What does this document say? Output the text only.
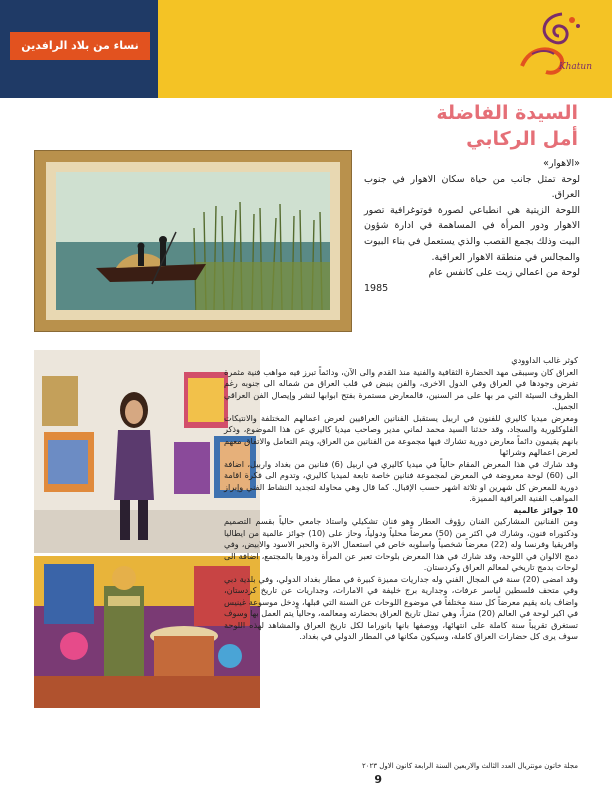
نساء من بلاد الرافدين
Khatun
السيدة الفاضلة
أمل الركابي

«الاهوار»

لوحة تمثل جانب من حياة سكان الاهوار في جنوب العراق.

اللوحة الزيتية هي انطباعي لصورة فوتوغرافية تصور الاهوار ودور المرأة في المساهمة في ادارة شؤون البيت وذلك بجمع القصب والذي يستعمل في بناء البيوت والمجالس في منطقة الاهوار العراقية.

لوحة من اعمالي زيت على كانفس عام

1985

كوثر غالب الداوودي

العراق كان وسيبقى مهد الحضارة الثقافية والفنية منذ القدم والى الآن، ودائماً تبرز فيه مواهب فنية مثمرة تفرض وجودها في العراق وفي الدول الاخرى، والفن ينبض في قلب العراق من شماله الى جنوبه رغم الظروف السيئة التي مر بها على مر السنين، فالمعارض مستمرة بفتح ابوابها لنشر وإيصال الفن العراقي الجميل.

ومعرض ميديا كاليري للفنون في اربيل يستقبل الفنانين العراقيين لعرض اعمالهم المختلفة والانتيكات الفلوكلورية والسجاد، وقد حدثنا السيد محمد لماني مدير وصاحب ميديا كاليري عن هذا الموضوع، وذكر بانهم يقيمون دائماً معارض دورية تشارك فيها مجموعة من الفنانين من العراق، ويتم التعامل والاتفاق معهم لعرض اعمالهم وشرائها

وقد شارك في هذا المعرض المقام حالياً في ميديا كاليري في اربيل (6) فنانين من بغداد واربيل، اضافة الى (60) لوحة معروضة في المعرض لمجموعة فنانين خاصة تابعة لميديا كاليري، وتدوم الى فكرة اقامة دورية للمعرض كل شهرين او ثلاثة اشهر حسب الإقبال. كما قال وهي محاولة لتجديد النشاط الفني وإبراز المواهب الفنية العراقية المميزة.

10 جوائز عالمية

ومن الفنانين المشاركين الفنان رؤوف العطار وهو فنان تشكيلي واستاذ جامعي حالياً بقسم التصميم ودكتوراه فنون، وشارك في اكثر من (50) معرضاً محلياً ودولياً، وحاز على (10) جوائز عالمية من ايطاليا وافريقيا وفرنسا وله (22) معرضاً شخصياً واسلوبه خاص في استعمال الابرة والحبر الاسود والابيض، وفي دمج الالوان في اللوحة، وقد شارك في هذا المعرض بلوحات تعبر عن المرأة ودورها بالمجتمع، اضافة الى لوحات بدمج تاريخي لمعالم العراق وكردستان.

وقد امضى (20) سنة في المجال الفني وله جداريات مميزة كبيرة في مطار بغداد الدولي، وفي بلدية دبي وفي متحف فلسطين لياسر عرفات، وجدارية برج خليفة في الامارات، وجداريات عن تاريخ كردستان، واضاف بانه يقيم معرضاً كل سنة مختلفاً في موضوع اللوحات عن السنة التي قبلها، ودخل موسوعة غينيس في اكبر لوحة في العالم (20) متراً، وهي تمثل تاريخ العراق بحضارته ومعالمه، وحالياً يتم العمل بها وسوف تستغرق تقريباً سنة كاملة على انتهائها، ووصفها بانها بانوراما لكل تاريخ العراق والمشاهد لهذه اللوحة سوف يرى كل حضارات العراق كاملة، وسيكون مكانها في المطار الدولي في بغداد.

مجلة خاتون مونتريال العدد الثالث والاربعين السنة الرابعة كانون الاول ٢٠٢٣
9
